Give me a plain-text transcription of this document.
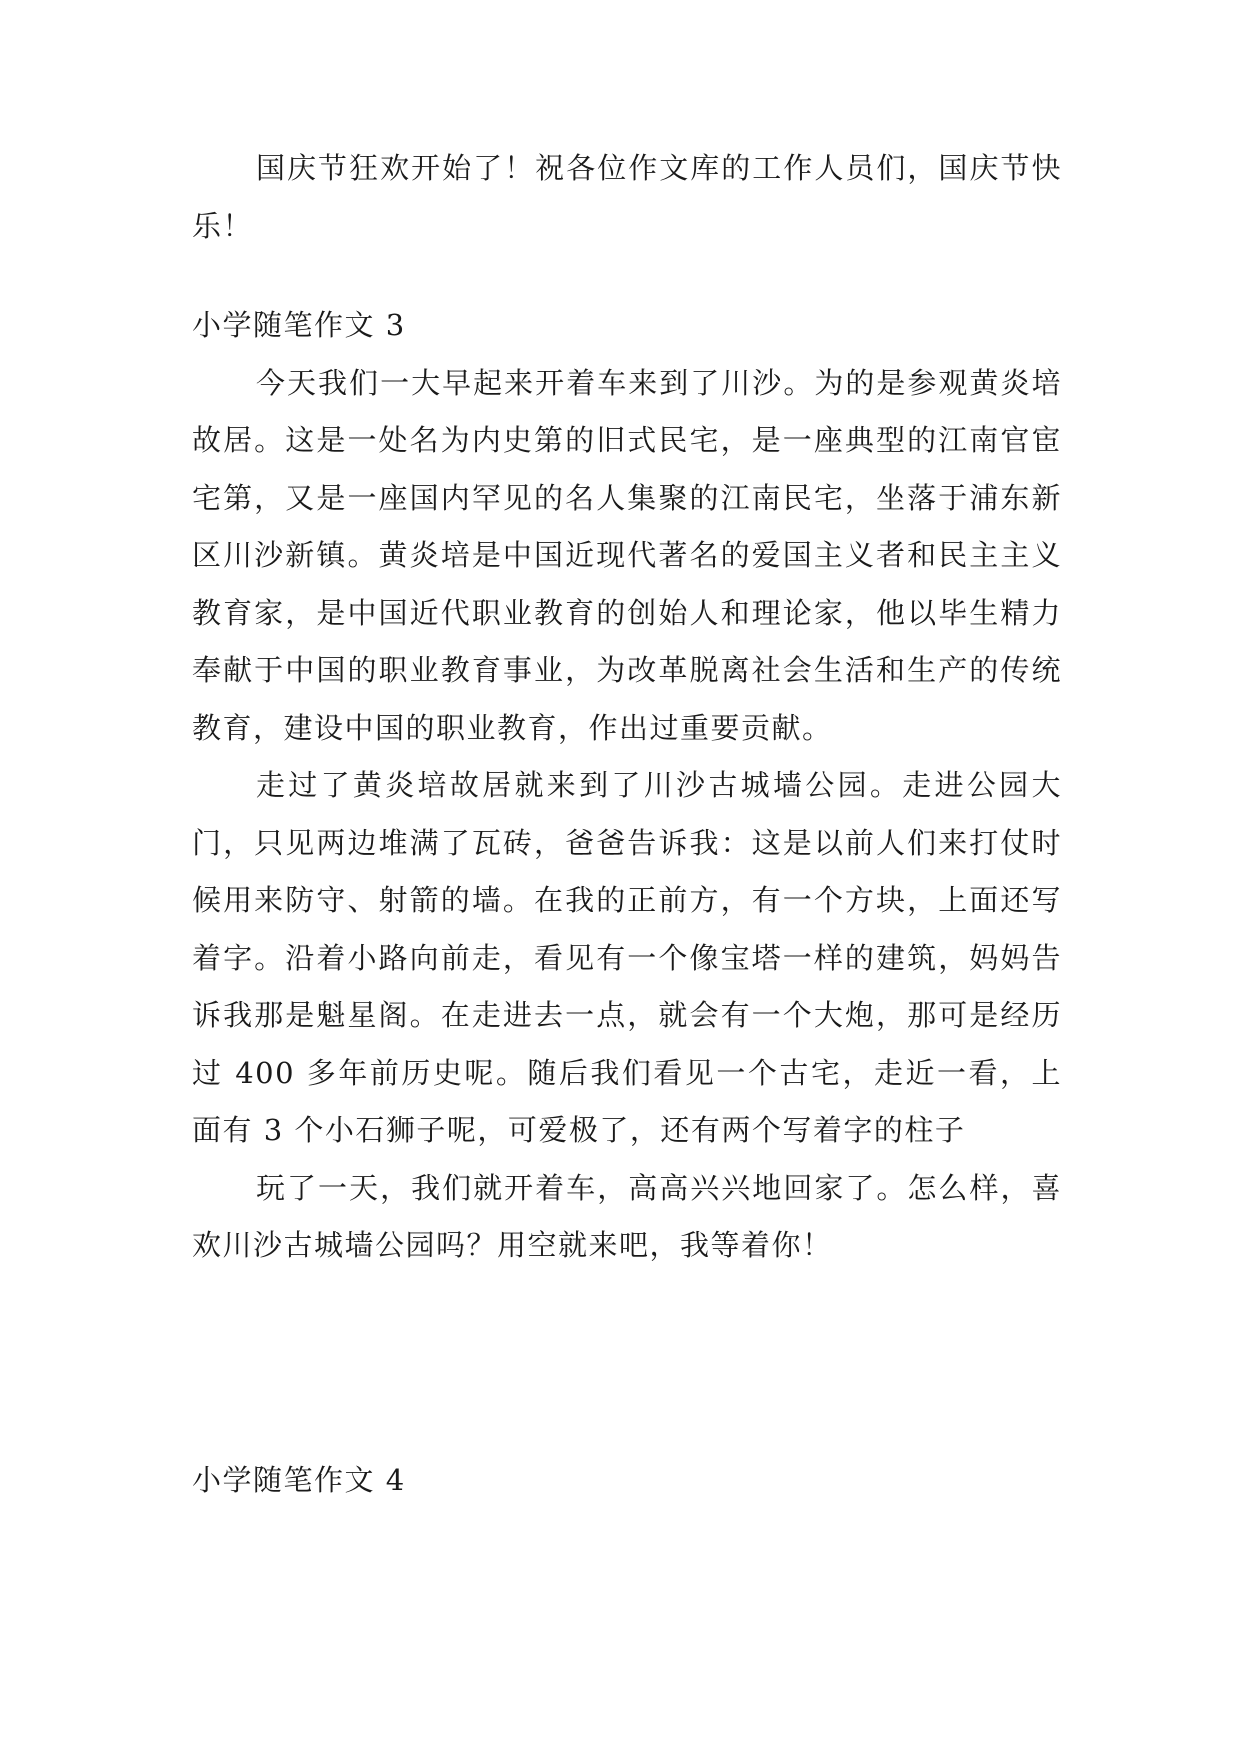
国庆节狂欢开始了！祝各位作文库的工作人员们，国庆节快乐！

小学随笔作文 3

今天我们一大早起来开着车来到了川沙。为的是参观黄炎培故居。这是一处名为内史第的旧式民宅，是一座典型的江南官宦宅第，又是一座国内罕见的名人集聚的江南民宅，坐落于浦东新区川沙新镇。黄炎培是中国近现代著名的爱国主义者和民主主义教育家，是中国近代职业教育的创始人和理论家，他以毕生精力奉献于中国的职业教育事业，为改革脱离社会生活和生产的传统教育，建设中国的职业教育，作出过重要贡献。

走过了黄炎培故居就来到了川沙古城墙公园。走进公园大门，只见两边堆满了瓦砖，爸爸告诉我：这是以前人们来打仗时候用来防守、射箭的墙。在我的正前方，有一个方块，上面还写着字。沿着小路向前走，看见有一个像宝塔一样的建筑，妈妈告诉我那是魁星阁。在走进去一点，就会有一个大炮，那可是经历过 400 多年前历史呢。随后我们看见一个古宅，走近一看，上面有 3 个小石狮子呢，可爱极了，还有两个写着字的柱子

玩了一天，我们就开着车，高高兴兴地回家了。怎么样，喜欢川沙古城墙公园吗？用空就来吧，我等着你！

小学随笔作文 4
